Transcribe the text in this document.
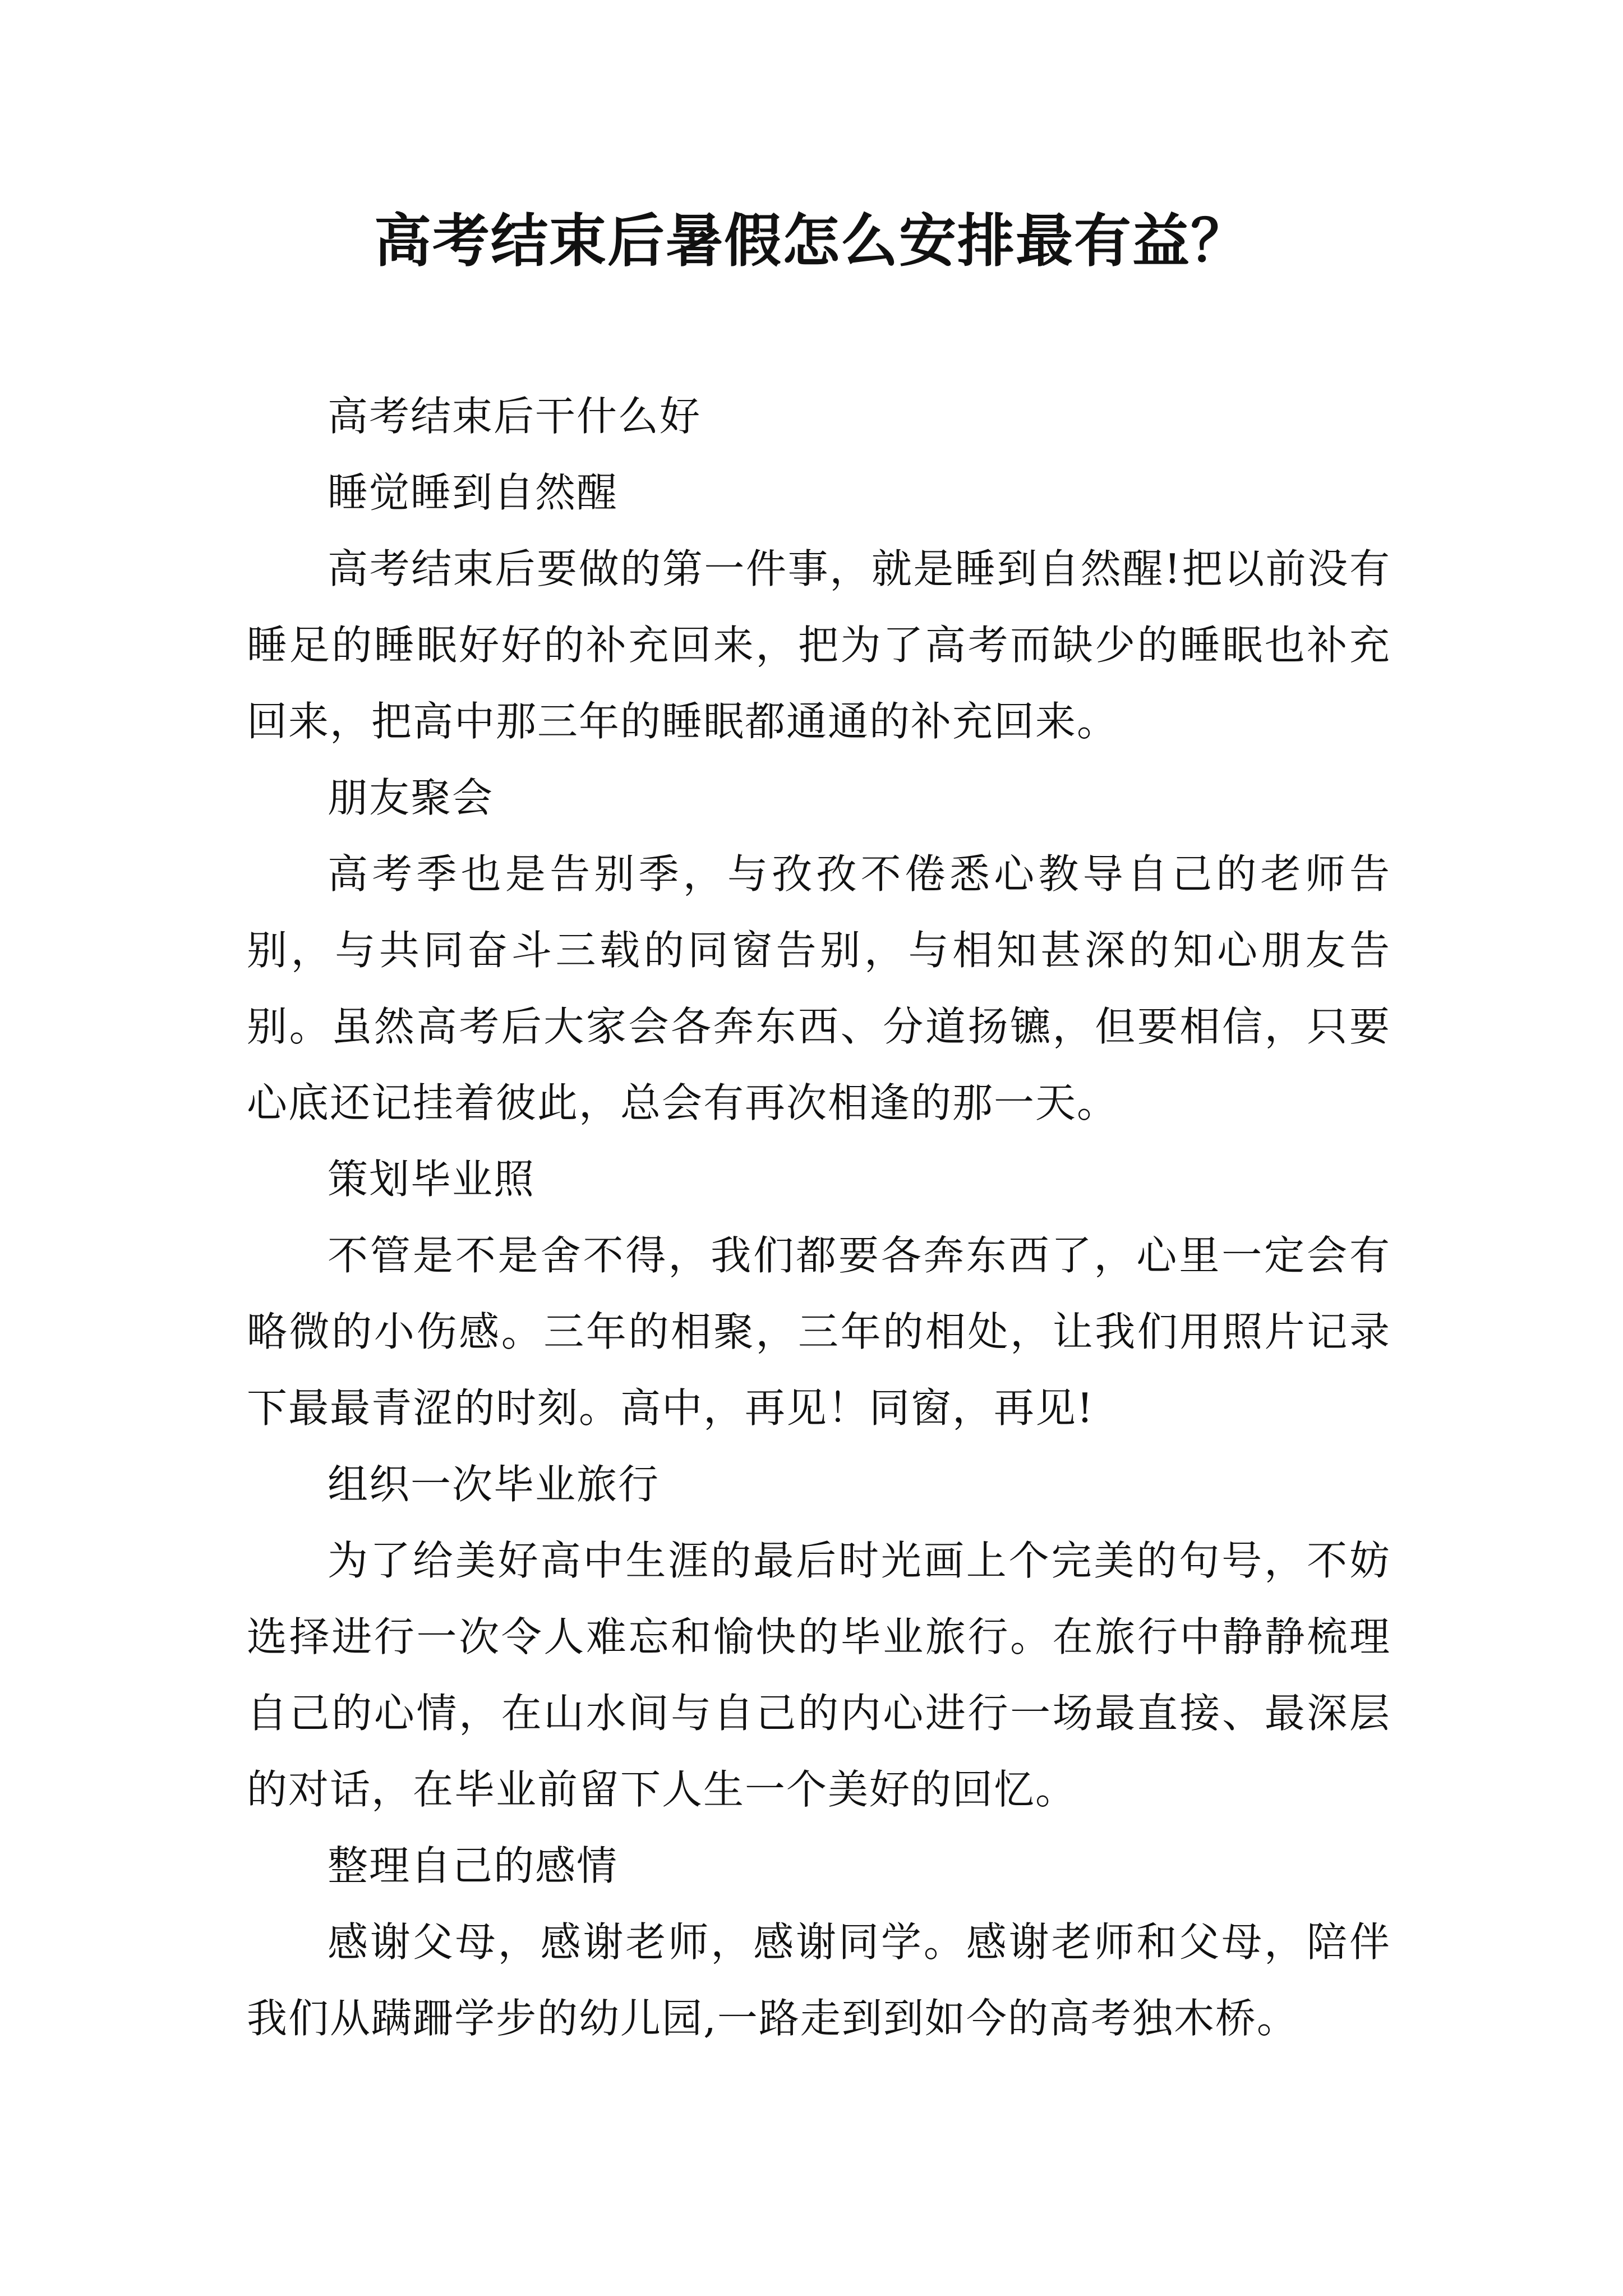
高考结束后暑假怎么安排最有益？

高考结束后干什么好

睡觉睡到自然醒

高考结束后要做的第一件事，就是睡到自然醒!把以前没有睡足的睡眠好好的补充回来，把为了高考而缺少的睡眠也补充回来，把高中那三年的睡眠都通通的补充回来。

朋友聚会

高考季也是告别季，与孜孜不倦悉心教导自己的老师告别，与共同奋斗三载的同窗告别，与相知甚深的知心朋友告别。虽然高考后大家会各奔东西、分道扬镳，但要相信，只要心底还记挂着彼此，总会有再次相逢的那一天。

策划毕业照

不管是不是舍不得，我们都要各奔东西了，心里一定会有略微的小伤感。三年的相聚，三年的相处，让我们用照片记录下最最青涩的时刻。高中，再见！同窗，再见!

组织一次毕业旅行

为了给美好高中生涯的最后时光画上个完美的句号，不妨选择进行一次令人难忘和愉快的毕业旅行。在旅行中静静梳理自己的心情，在山水间与自己的内心进行一场最直接、最深层的对话，在毕业前留下人生一个美好的回忆。

整理自己的感情

感谢父母，感谢老师，感谢同学。感谢老师和父母，陪伴我们从蹒跚学步的幼儿园,一路走到到如今的高考独木桥。
